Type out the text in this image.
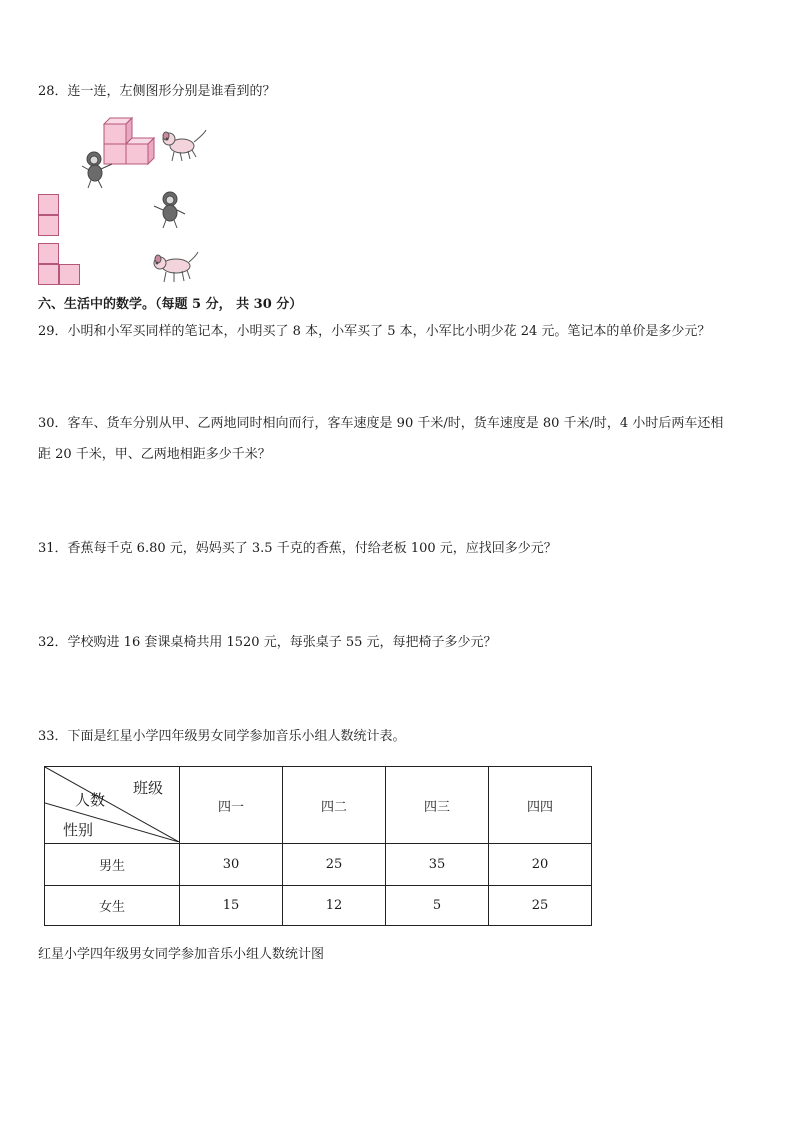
28．连一连，左侧图形分别是谁看到的？
六、生活中的数学。（每题 5 分， 共 30 分）
29．小明和小军买同样的笔记本，小明买了 8 本，小军买了 5 本，小军比小明少花 24 元。笔记本的单价是多少元？
30．客车、货车分别从甲、乙两地同时相向而行，客车速度是 90 千米/时，货车速度是 80 千米/时，4 小时后两车还相
距 20 千米，甲、乙两地相距多少千米？
31．香蕉每千克 6.80 元，妈妈买了 3.5 千克的香蕉，付给老板 100 元，应找回多少元？
32．学校购进 16 套课桌椅共用 1520 元，每张桌子 55 元，每把椅子多少元？
33．下面是红星小学四年级男女同学参加音乐小组人数统计表。
班级
人数
性别	四一	四二	四三	四四
男生	30	25	35	20
女生	15	12	5	25
红星小学四年级男女同学参加音乐小组人数统计图
